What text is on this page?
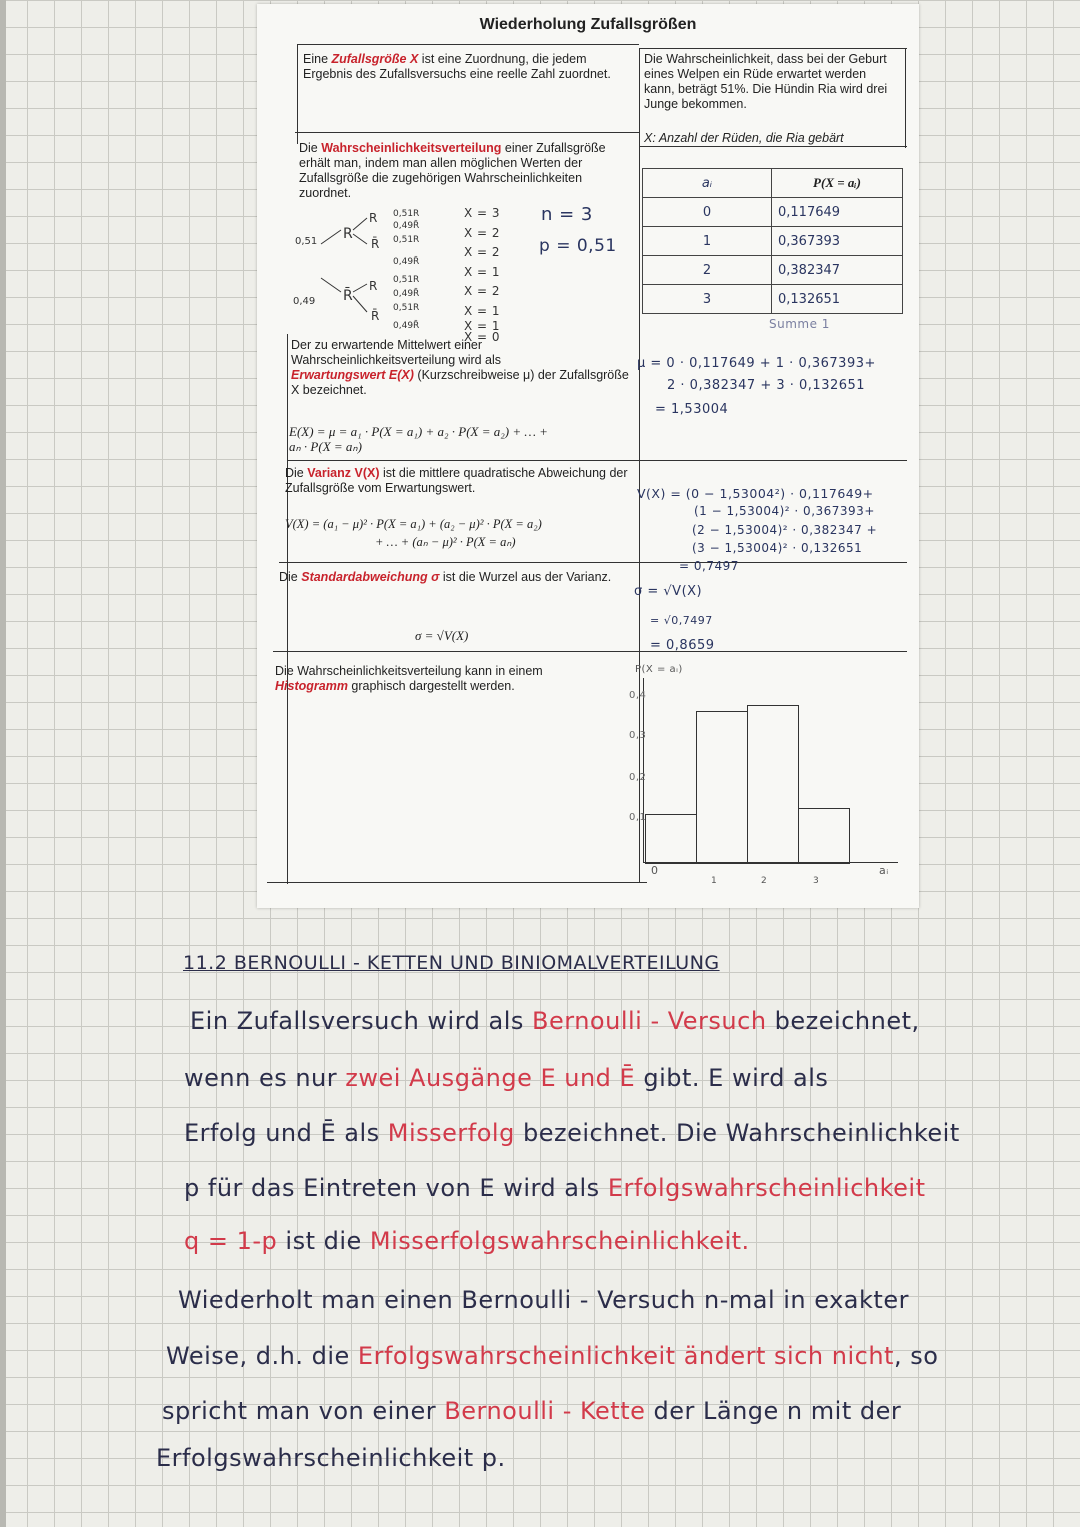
Wiederholung Zufallsgrößen
Eine Zufallsgröße X ist eine Zuordnung, die jedem Ergebnis des Zufallsversuchs eine reelle Zahl zuordnet.
Die Wahrscheinlichkeit, dass bei der Geburt eines Welpen ein Rüde erwartet werden kann, beträgt 51%. Die Hündin Ria wird drei Junge bekommen.
X: Anzahl der Rüden, die Ria gebärt
Die Wahrscheinlichkeitsverteilung einer Zufallsgröße erhält man, indem man allen möglichen Werten der Zufallsgröße die zugehörigen Wahrscheinlichkeiten zuordnet.
0,51
0,49
R
R̄
R
R̄
R
R̄
0,51R
0,49R̄
0,51R
0,49R̄
0,51R
0,49R̄
0,51R
0,49R̄
X = 3
X = 2
X = 2
X = 1
X = 2
X = 1
X = 1
X = 0
n = 3
p = 0,51
aᵢ	P(X = aᵢ)
0	0,117649
1	0,367393
2	0,382347
3	0,132651
Summe 1
Der zu erwartende Mittelwert einer Wahrscheinlichkeitsverteilung wird als
Erwartungswert E(X) (Kurzschreibweise μ) der Zufallsgröße X bezeichnet.
E(X) = μ = a₁ · P(X = a₁) + a₂ · P(X = a₂) + … +
aₙ · P(X = aₙ)
μ = 0 · 0,117649 + 1 · 0,367393+
2 · 0,382347 + 3 · 0,132651
= 1,53004
Die Varianz V(X) ist die mittlere quadratische Abweichung der Zufallsgröße vom Erwartungswert.
V(X) = (a₁ − μ)² · P(X = a₁) + (a₂ − μ)² · P(X = a₂)
+ … + (aₙ − μ)² · P(X = aₙ)
V(X) = (0 − 1,53004²) · 0,117649+
(1 − 1,53004)² · 0,367393+
(2 − 1,53004)² · 0,382347 +
(3 − 1,53004)² · 0,132651
= 0,7497
Die Standardabweichung σ ist die Wurzel aus der Varianz.
σ = √V(X)
σ = √V(X)
= √0,7497
= 0,8659
Die Wahrscheinlichkeitsverteilung kann in einem Histogramm graphisch dargestellt werden.
P(X = aᵢ)
aᵢ
0,4
0,3
0,2
0,1
0
1	2	3
11.2 BERNOULLI - KETTEN UND BINIOMALVERTEILUNG
Ein Zufallsversuch wird als Bernoulli - Versuch bezeichnet,
wenn es nur zwei Ausgänge E und Ē gibt. E wird als
Erfolg und Ē als Misserfolg bezeichnet. Die Wahrscheinlichkeit
p für das Eintreten von E wird als Erfolgswahrscheinlichkeit
q = 1-p ist die Misserfolgswahrscheinlichkeit.
Wiederholt man einen Bernoulli - Versuch n-mal in exakter
Weise, d.h. die Erfolgswahrscheinlichkeit ändert sich nicht, so
spricht man von einer Bernoulli - Kette der Länge n mit der
Erfolgswahrscheinlichkeit p.
